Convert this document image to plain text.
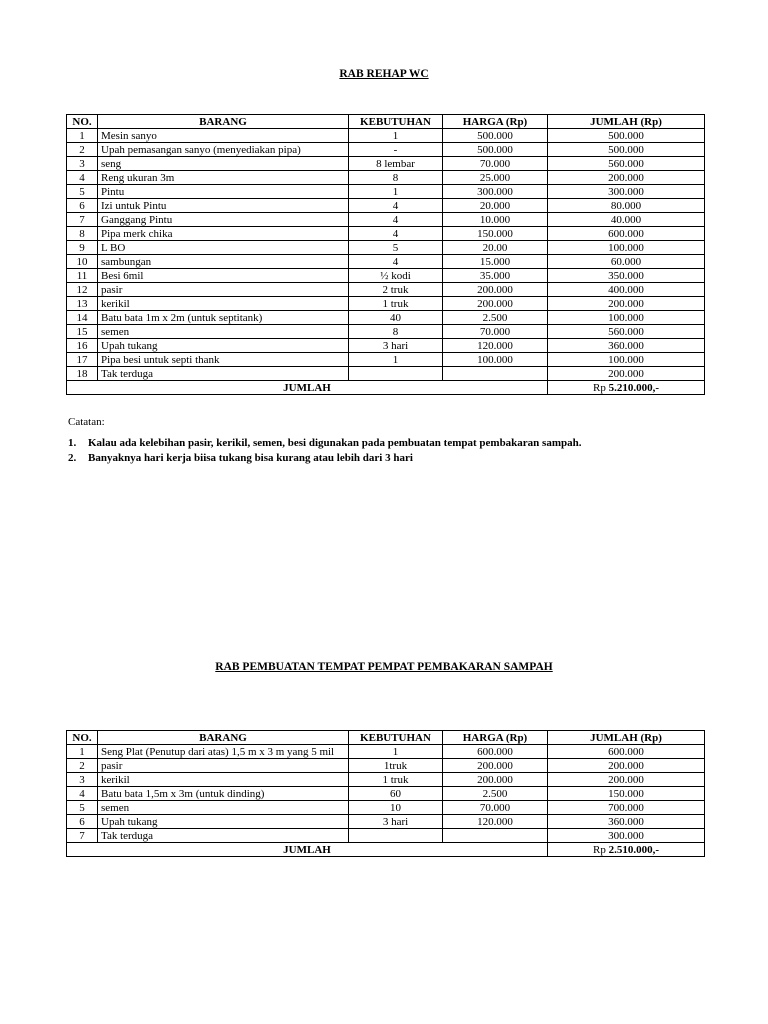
RAB REHAP WC
NO.	BARANG	KEBUTUHAN	HARGA (Rp)	JUMLAH (Rp)
1	Mesin sanyo	1	500.000	500.000
2	Upah pemasangan sanyo (menyediakan pipa)	-	500.000	500.000
3	seng	8 lembar	70.000	560.000
4	Reng ukuran 3m	8	25.000	200.000
5	Pintu	1	300.000	300.000
6	Izi untuk Pintu	4	20.000	80.000
7	Ganggang Pintu	4	10.000	40.000
8	Pipa merk chika	4	150.000	600.000
9	L BO	5	20.00	100.000
10	sambungan	4	15.000	60.000
11	Besi 6mil	½ kodi	35.000	350.000
12	pasir	2 truk	200.000	400.000
13	kerikil	1 truk	200.000	200.000
14	Batu bata 1m x 2m (untuk septitank)	40	2.500	100.000
15	semen	8	70.000	560.000
16	Upah tukang	3 hari	120.000	360.000
17	Pipa besi untuk septi thank	1	100.000	100.000
18	Tak terduga			200.000
JUMLAH				Rp 5.210.000,-
Catatan:
1. Kalau ada kelebihan pasir, kerikil, semen, besi digunakan pada pembuatan tempat pembakaran sampah.
2. Banyaknya hari kerja biisa tukang bisa kurang atau lebih dari 3 hari
RAB PEMBUATAN TEMPAT PEMPAT PEMBAKARAN SAMPAH
NO.	BARANG	KEBUTUHAN	HARGA (Rp)	JUMLAH (Rp)
1	Seng Plat (Penutup dari atas) 1,5 m x 3 m yang 5 mil	1	600.000	600.000
2	pasir	1truk	200.000	200.000
3	kerikil	1 truk	200.000	200.000
4	Batu bata 1,5m x 3m (untuk dinding)	60	2.500	150.000
5	semen	10	70.000	700.000
6	Upah tukang	3 hari	120.000	360.000
7	Tak terduga			300.000
JUMLAH				Rp 2.510.000,-
